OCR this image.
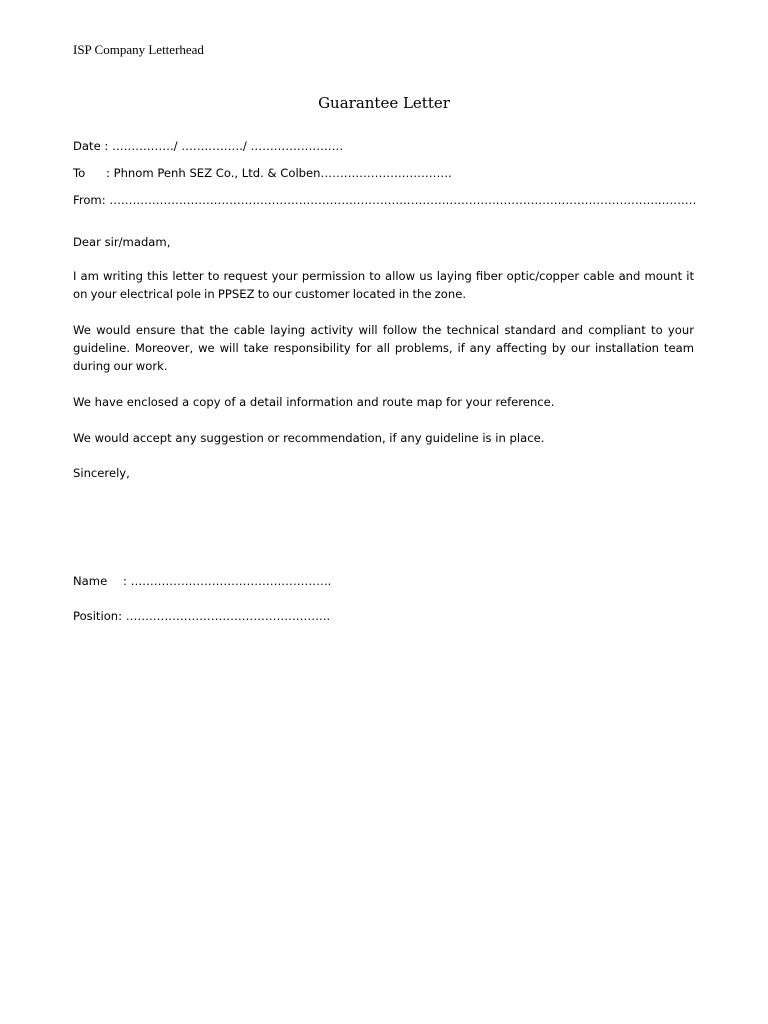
ISP Company Letterhead
Guarantee Letter
Date : ……………./ ……………./ ……………………
To : Phnom Penh SEZ Co., Ltd. & Colben…………………………….
From: ……………………………………………………………………………………………………………………………..………
Dear sir/madam,
I am writing this letter to request your permission to allow us laying fiber optic/copper cable and mount it on your electrical pole in PPSEZ to our customer located in the zone.
We would ensure that the cable laying activity will follow the technical standard and compliant to your guideline. Moreover, we will take responsibility for all problems, if any affecting by our installation team during our work.
We have enclosed a copy of a detail information and route map for your reference.
We would accept any suggestion or recommendation, if any guideline is in place.
Sincerely,
Name : …………………………………………….
Position: ……………………………………………..
